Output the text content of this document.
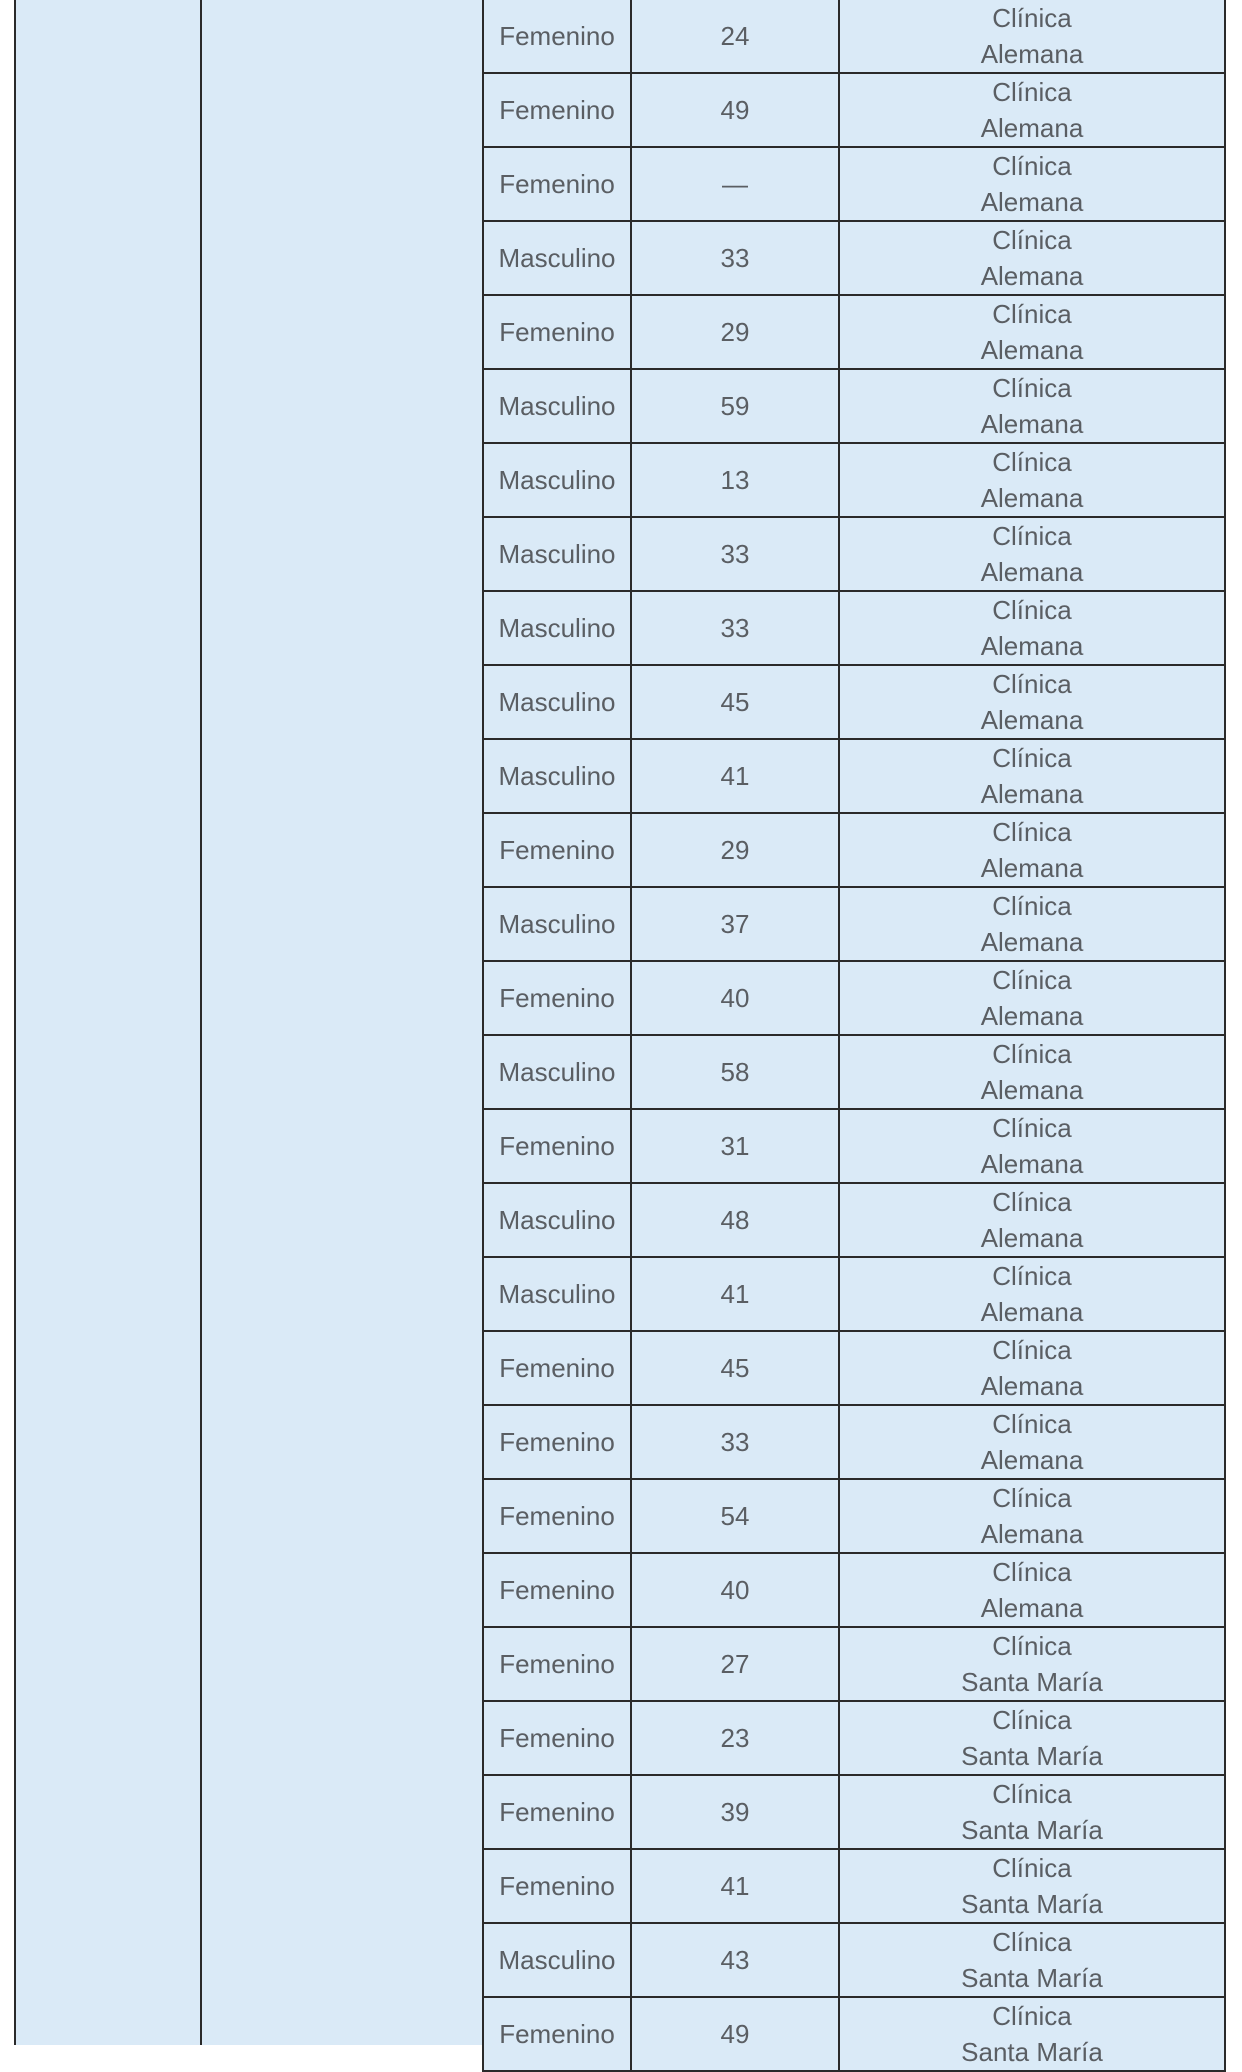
Femenino	24	Clínica
Alemana

Femenino	49	Clínica
Alemana

Femenino	—	Clínica
Alemana

Masculino	33	Clínica
Alemana

Femenino	29	Clínica
Alemana

Masculino	59	Clínica
Alemana

Masculino	13	Clínica
Alemana

Masculino	33	Clínica
Alemana

Masculino	33	Clínica
Alemana

Masculino	45	Clínica
Alemana

Masculino	41	Clínica
Alemana

Femenino	29	Clínica
Alemana

Masculino	37	Clínica
Alemana

Femenino	40	Clínica
Alemana

Masculino	58	Clínica
Alemana

Femenino	31	Clínica
Alemana

Masculino	48	Clínica
Alemana

Masculino	41	Clínica
Alemana

Femenino	45	Clínica
Alemana

Femenino	33	Clínica
Alemana

Femenino	54	Clínica
Alemana

Femenino	40	Clínica
Alemana

Femenino	27	Clínica
Santa María

Femenino	23	Clínica
Santa María

Femenino	39	Clínica
Santa María

Femenino	41	Clínica
Santa María

Masculino	43	Clínica
Santa María

Femenino	49	Clínica
Santa María
